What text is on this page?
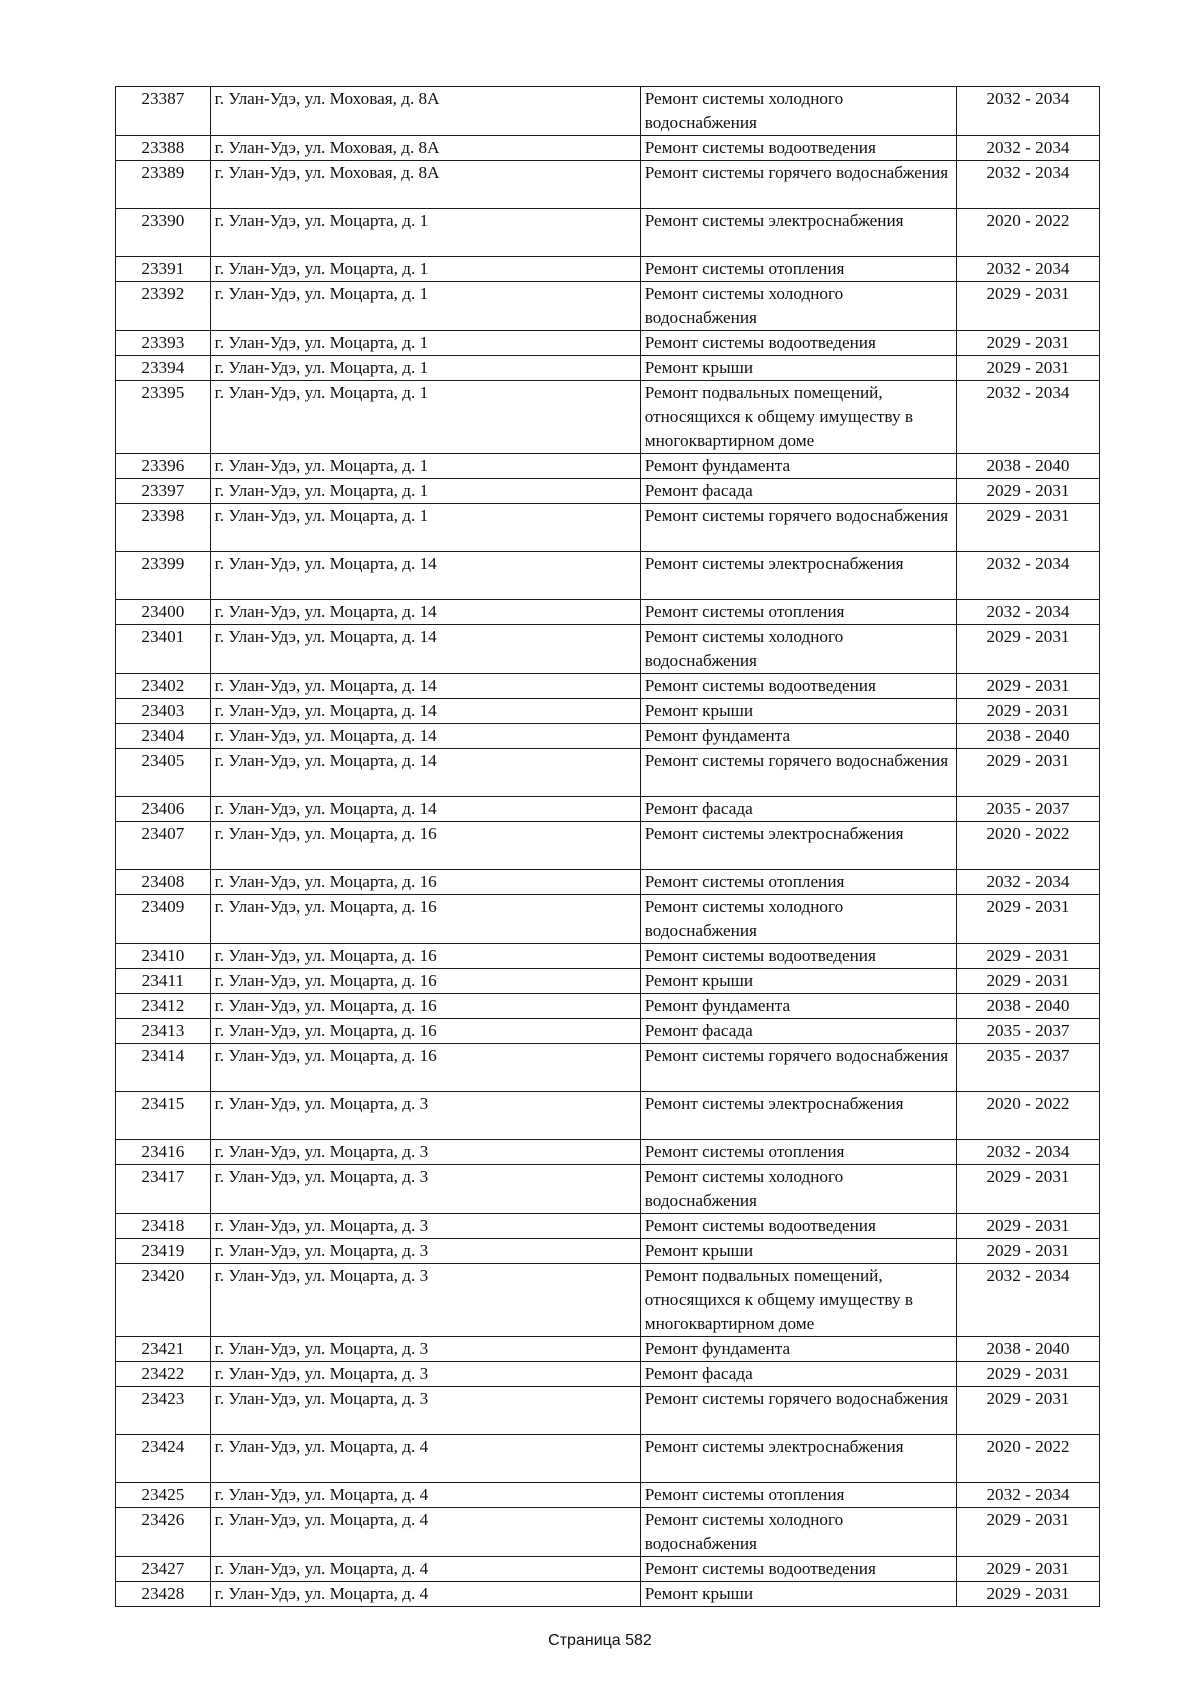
23387	г. Улан-Удэ, ул. Моховая, д. 8А	Ремонт системы холодного водоснабжения	2032 - 2034
23388	г. Улан-Удэ, ул. Моховая, д. 8А	Ремонт системы водоотведения	2032 - 2034
23389	г. Улан-Удэ, ул. Моховая, д. 8А	Ремонт системы горячего водоснабжения	2032 - 2034
23390	г. Улан-Удэ, ул. Моцарта, д. 1	Ремонт системы электроснабжения	2020 - 2022
23391	г. Улан-Удэ, ул. Моцарта, д. 1	Ремонт системы отопления	2032 - 2034
23392	г. Улан-Удэ, ул. Моцарта, д. 1	Ремонт системы холодного водоснабжения	2029 - 2031
23393	г. Улан-Удэ, ул. Моцарта, д. 1	Ремонт системы водоотведения	2029 - 2031
23394	г. Улан-Удэ, ул. Моцарта, д. 1	Ремонт крыши	2029 - 2031
23395	г. Улан-Удэ, ул. Моцарта, д. 1	Ремонт подвальных помещений, относящихся к общему имуществу в многоквартирном доме	2032 - 2034
23396	г. Улан-Удэ, ул. Моцарта, д. 1	Ремонт фундамента	2038 - 2040
23397	г. Улан-Удэ, ул. Моцарта, д. 1	Ремонт фасада	2029 - 2031
23398	г. Улан-Удэ, ул. Моцарта, д. 1	Ремонт системы горячего водоснабжения	2029 - 2031
23399	г. Улан-Удэ, ул. Моцарта, д. 14	Ремонт системы электроснабжения	2032 - 2034
23400	г. Улан-Удэ, ул. Моцарта, д. 14	Ремонт системы отопления	2032 - 2034
23401	г. Улан-Удэ, ул. Моцарта, д. 14	Ремонт системы холодного водоснабжения	2029 - 2031
23402	г. Улан-Удэ, ул. Моцарта, д. 14	Ремонт системы водоотведения	2029 - 2031
23403	г. Улан-Удэ, ул. Моцарта, д. 14	Ремонт крыши	2029 - 2031
23404	г. Улан-Удэ, ул. Моцарта, д. 14	Ремонт фундамента	2038 - 2040
23405	г. Улан-Удэ, ул. Моцарта, д. 14	Ремонт системы горячего водоснабжения	2029 - 2031
23406	г. Улан-Удэ, ул. Моцарта, д. 14	Ремонт фасада	2035 - 2037
23407	г. Улан-Удэ, ул. Моцарта, д. 16	Ремонт системы электроснабжения	2020 - 2022
23408	г. Улан-Удэ, ул. Моцарта, д. 16	Ремонт системы отопления	2032 - 2034
23409	г. Улан-Удэ, ул. Моцарта, д. 16	Ремонт системы холодного водоснабжения	2029 - 2031
23410	г. Улан-Удэ, ул. Моцарта, д. 16	Ремонт системы водоотведения	2029 - 2031
23411	г. Улан-Удэ, ул. Моцарта, д. 16	Ремонт крыши	2029 - 2031
23412	г. Улан-Удэ, ул. Моцарта, д. 16	Ремонт фундамента	2038 - 2040
23413	г. Улан-Удэ, ул. Моцарта, д. 16	Ремонт фасада	2035 - 2037
23414	г. Улан-Удэ, ул. Моцарта, д. 16	Ремонт системы горячего водоснабжения	2035 - 2037
23415	г. Улан-Удэ, ул. Моцарта, д. 3	Ремонт системы электроснабжения	2020 - 2022
23416	г. Улан-Удэ, ул. Моцарта, д. 3	Ремонт системы отопления	2032 - 2034
23417	г. Улан-Удэ, ул. Моцарта, д. 3	Ремонт системы холодного водоснабжения	2029 - 2031
23418	г. Улан-Удэ, ул. Моцарта, д. 3	Ремонт системы водоотведения	2029 - 2031
23419	г. Улан-Удэ, ул. Моцарта, д. 3	Ремонт крыши	2029 - 2031
23420	г. Улан-Удэ, ул. Моцарта, д. 3	Ремонт подвальных помещений, относящихся к общему имуществу в многоквартирном доме	2032 - 2034
23421	г. Улан-Удэ, ул. Моцарта, д. 3	Ремонт фундамента	2038 - 2040
23422	г. Улан-Удэ, ул. Моцарта, д. 3	Ремонт фасада	2029 - 2031
23423	г. Улан-Удэ, ул. Моцарта, д. 3	Ремонт системы горячего водоснабжения	2029 - 2031
23424	г. Улан-Удэ, ул. Моцарта, д. 4	Ремонт системы электроснабжения	2020 - 2022
23425	г. Улан-Удэ, ул. Моцарта, д. 4	Ремонт системы отопления	2032 - 2034
23426	г. Улан-Удэ, ул. Моцарта, д. 4	Ремонт системы холодного водоснабжения	2029 - 2031
23427	г. Улан-Удэ, ул. Моцарта, д. 4	Ремонт системы водоотведения	2029 - 2031
23428	г. Улан-Удэ, ул. Моцарта, д. 4	Ремонт крыши	2029 - 2031
Страница 582
